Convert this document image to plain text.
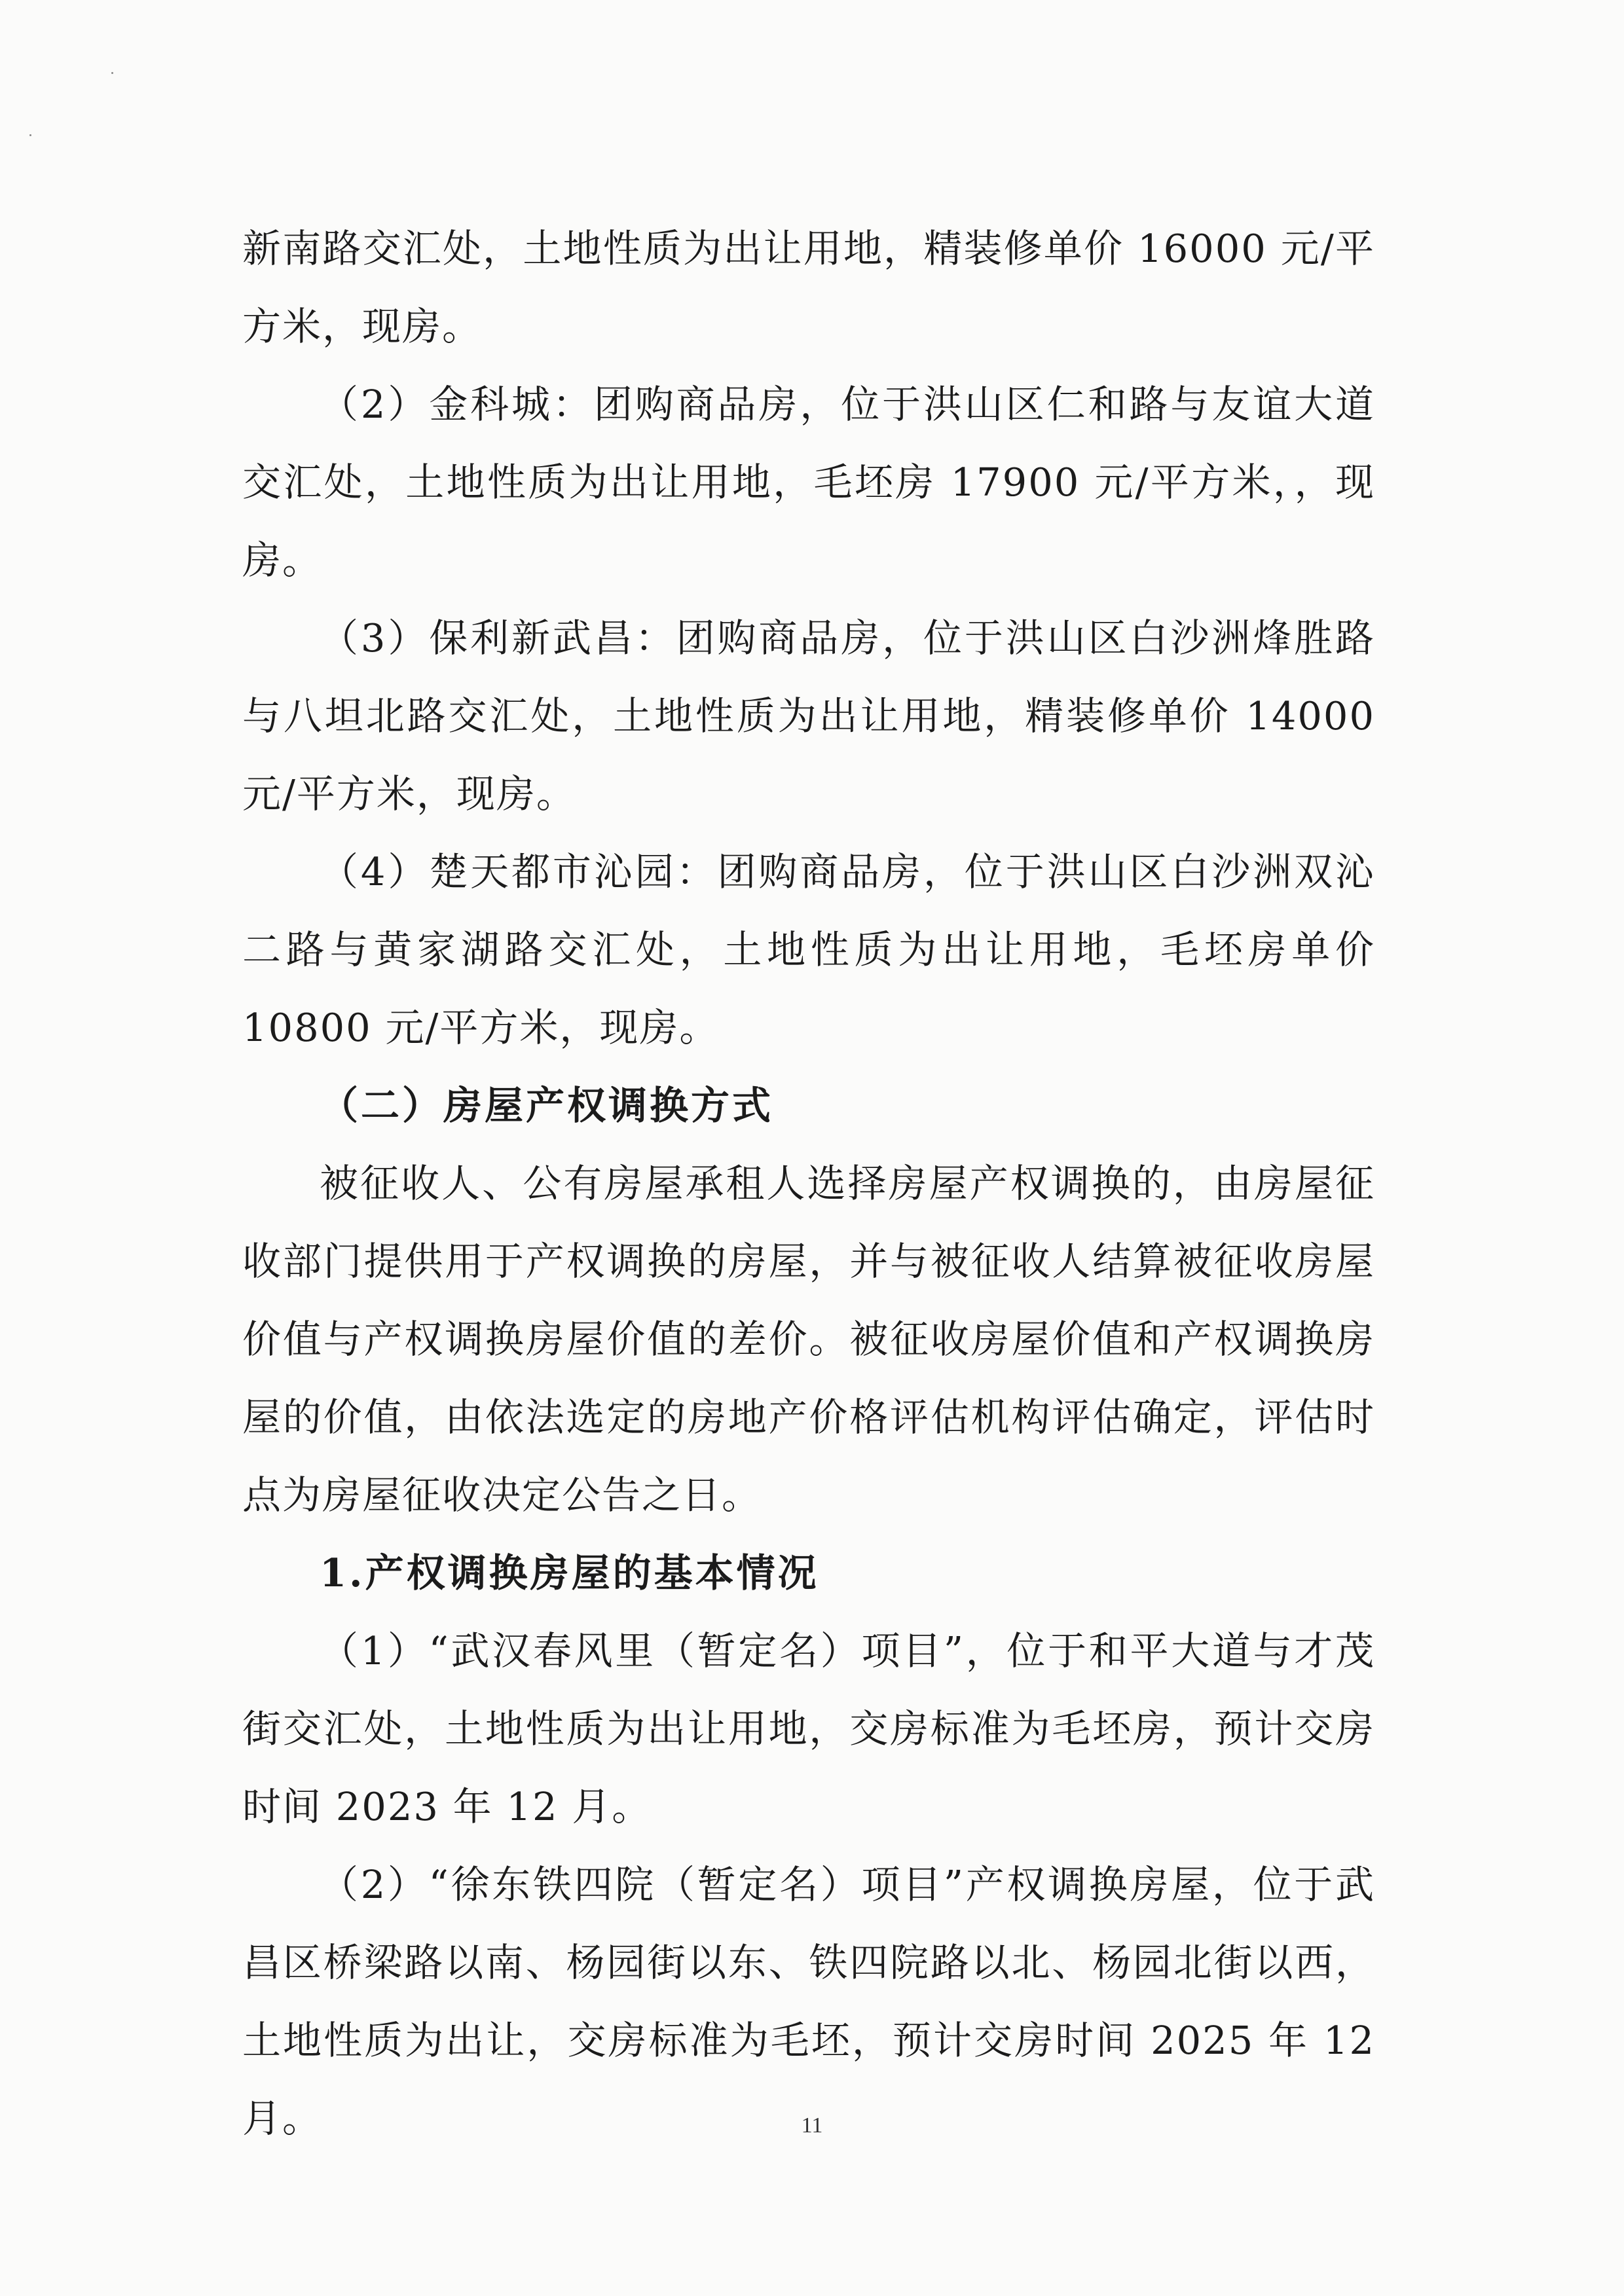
新南路交汇处，土地性质为出让用地，精装修单价 16000 元/平方米，现房。

（2）金科城：团购商品房，位于洪山区仁和路与友谊大道交汇处，土地性质为出让用地，毛坯房 17900 元/平方米，，现房。

（3）保利新武昌：团购商品房，位于洪山区白沙洲烽胜路与八坦北路交汇处，土地性质为出让用地，精装修单价 14000 元/平方米，现房。

（4）楚天都市沁园：团购商品房，位于洪山区白沙洲双沁二路与黄家湖路交汇处，土地性质为出让用地，毛坯房单价 10800 元/平方米，现房。

（二）房屋产权调换方式

被征收人、公有房屋承租人选择房屋产权调换的，由房屋征收部门提供用于产权调换的房屋，并与被征收人结算被征收房屋价值与产权调换房屋价值的差价。被征收房屋价值和产权调换房屋的价值，由依法选定的房地产价格评估机构评估确定，评估时点为房屋征收决定公告之日。

1.产权调换房屋的基本情况

（1）“武汉春风里（暂定名）项目”，位于和平大道与才茂街交汇处，土地性质为出让用地，交房标准为毛坯房，预计交房时间 2023 年 12 月。

（2）“徐东铁四院（暂定名）项目”产权调换房屋，位于武昌区桥梁路以南、杨园街以东、铁四院路以北、杨园北街以西，土地性质为出让，交房标准为毛坯，预计交房时间 2025 年 12 月。	11
